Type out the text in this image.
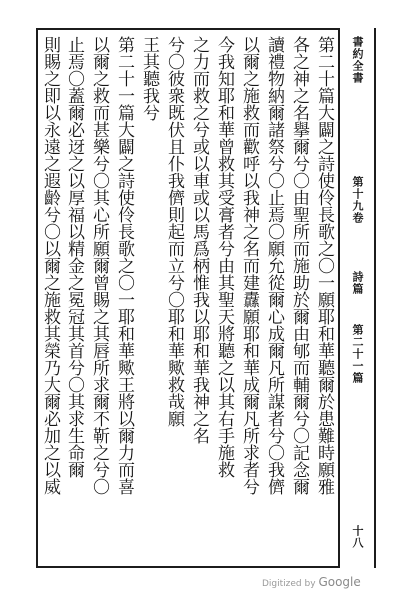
第二十篇大闢之詩使伶長歌之〇一願耶和華聽爾於患難時願雅
各之神之名擧爾兮〇由聖所而施助於爾由郇而輔爾兮〇記念爾
讀禮物納爾諸祭兮〇止焉〇願允從爾心成爾凡所謀者兮〇我儕
以爾之施救而歡呼以我神之名而建纛願耶和華成爾凡所求者兮
今我知耶和華曾救其受膏者兮由其聖天將聽之以其右手施救
之力而救之兮或以車或以馬爲柄惟我以耶和華我神之名
兮〇彼衆既伏且仆我儕則起而立兮〇耶和華歟救哉願
王其聽我兮
第二十一篇大闢之詩使伶長歌之〇一耶和華歟王將以爾力而喜
以爾之救而甚樂兮〇其心所願爾曾賜之其唇所求爾不靳之兮〇
止焉〇蓋爾必迓之以厚福以精金之冕冠其首兮〇其求生命爾
則賜之即以永遠之遐齡兮〇以爾之施救其榮乃大爾必加之以威	書約全書
第十九卷
詩篇
第二十一篇
十八
Digitized by Google
